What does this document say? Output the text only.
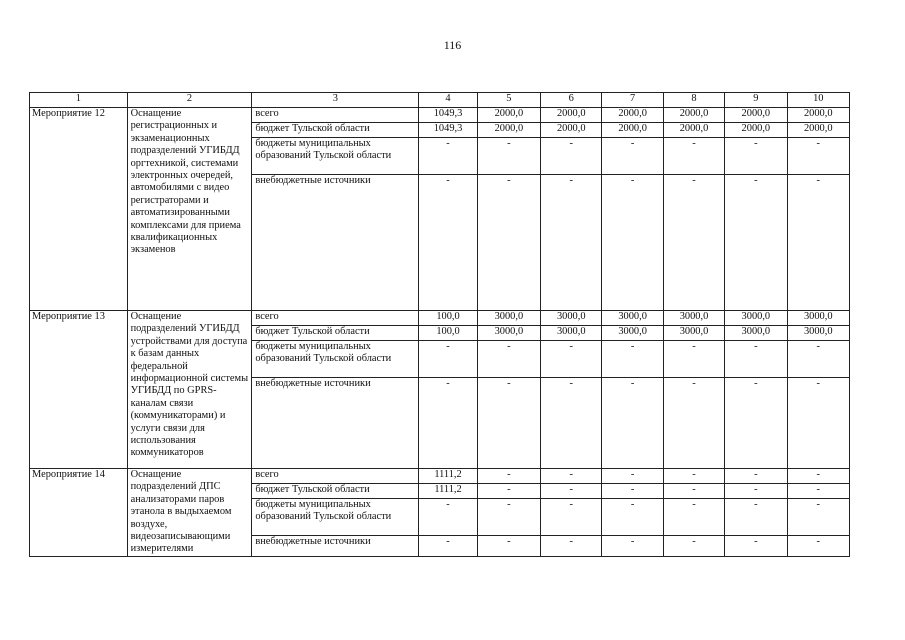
116
1	2	3	4	5	6	7	8	9	10
Мероприятие 12	Оснащение регистрационных и экзаменационных подразделений УГИБДД оргтехникой, системами электронных очередей, автомобилями с видео регистраторами и автоматизированными комплексами для приема квалификационных экзаменов	всего	1049,3	2000,0	2000,0	2000,0	2000,0	2000,0	2000,0
		бюджет Тульской области	1049,3	2000,0	2000,0	2000,0	2000,0	2000,0	2000,0
		бюджеты муниципальных образований Тульской области	-	-	-	-	-	-	-
		внебюджетные источники	-	-	-	-	-	-	-
Мероприятие 13	Оснащение подразделений УГИБДД устройствами для доступа к базам данных федеральной информационной системы УГИБДД по GPRS-каналам связи (коммуникаторами) и услуги связи для использования коммуникаторов	всего	100,0	3000,0	3000,0	3000,0	3000,0	3000,0	3000,0
		бюджет Тульской области	100,0	3000,0	3000,0	3000,0	3000,0	3000,0	3000,0
		бюджеты муниципальных образований Тульской области	-	-	-	-	-	-	-
		внебюджетные источники	-	-	-	-	-	-	-
Мероприятие 14	Оснащение подразделений ДПС анализаторами паров этанола в выдыхаемом воздухе, видеозаписывающими измерителями	всего	1111,2	-	-	-	-	-	-
		бюджет Тульской области	1111,2	-	-	-	-	-	-
		бюджеты муниципальных образований Тульской области	-	-	-	-	-	-	-
		внебюджетные источники	-	-	-	-	-	-	-
